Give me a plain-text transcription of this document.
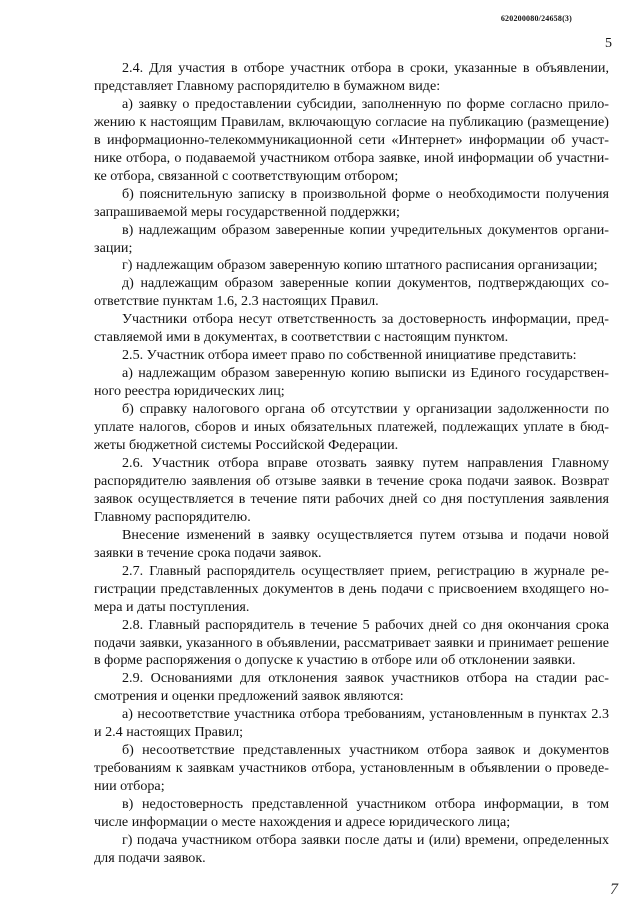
620200080/24658(3)
5

2.4. Для участия в отборе участник отбора в сроки, указанные в объявлении, представляет Главному распорядителю в бумажном виде:

а) заявку о предоставлении субсидии, заполненную по форме согласно приложению к настоящим Правилам, включающую согласие на публикацию (размещение) в информационно-телекоммуникационной сети «Интернет» информации об участнике отбора, о подаваемой участником отбора заявке, иной информации об участнике отбора, связанной с соответствующим отбором;

б) пояснительную записку в произвольной форме о необходимости получения запрашиваемой меры государственной поддержки;

в) надлежащим образом заверенные копии учредительных документов организации;

г) надлежащим образом заверенную копию штатного расписания организации;

д) надлежащим образом заверенные копии документов, подтверждающих соответствие пунктам 1.6, 2.3 настоящих Правил.

Участники отбора несут ответственность за достоверность информации, представляемой ими в документах, в соответствии с настоящим пунктом.

2.5. Участник отбора имеет право по собственной инициативе представить:

а) надлежащим образом заверенную копию выписки из Единого государственного реестра юридических лиц;

б) справку налогового органа об отсутствии у организации задолженности по уплате налогов, сборов и иных обязательных платежей, подлежащих уплате в бюджеты бюджетной системы Российской Федерации.

2.6. Участник отбора вправе отозвать заявку путем направления Главному распорядителю заявления об отзыве заявки в течение срока подачи заявок. Возврат заявок осуществляется в течение пяти рабочих дней со дня поступления заявления Главному распорядителю.

Внесение изменений в заявку осуществляется путем отзыва и подачи новой заявки в течение срока подачи заявок.

2.7. Главный распорядитель осуществляет прием, регистрацию в журнале регистрации представленных документов в день подачи с присвоением входящего номера и даты поступления.

2.8. Главный распорядитель в течение 5 рабочих дней со дня окончания срока подачи заявки, указанного в объявлении, рассматривает заявки и принимает решение в форме распоряжения о допуске к участию в отборе или об отклонении заявки.

2.9. Основаниями для отклонения заявок участников отбора на стадии рассмотрения и оценки предложений заявок являются:

а) несоответствие участника отбора требованиям, установленным в пунктах 2.3 и 2.4 настоящих Правил;

б) несоответствие представленных участником отбора заявок и документов требованиям к заявкам участников отбора, установленным в объявлении о проведении отбора;

в) недостоверность представленной участником отбора информации, в том числе информации о месте нахождения и адресе юридического лица;

г) подача участником отбора заявки после даты и (или) времени, определенных для подачи заявок.

7
